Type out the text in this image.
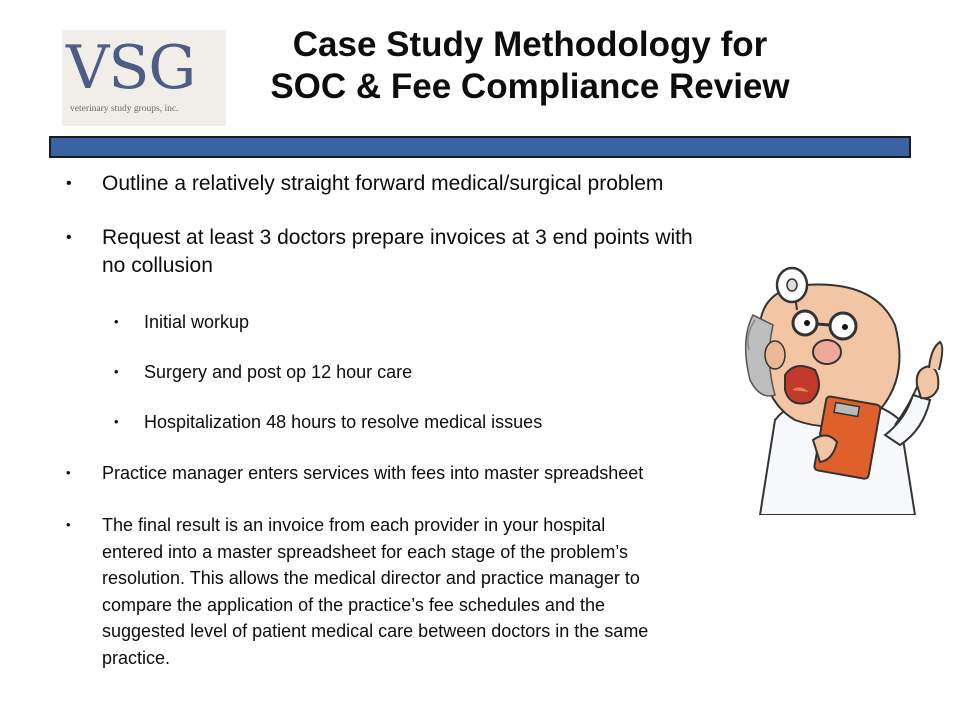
VSG
veterinary study groups, inc.
Case Study Methodology for
SOC & Fee Compliance Review
• Outline a relatively straight forward medical/surgical problem
• Request at least 3 doctors prepare invoices at 3 end points with
no collusion
• Initial workup
• Surgery and post op 12 hour care
• Hospitalization 48 hours to resolve medical issues
• Practice manager enters services with fees into master spreadsheet
• The final result is an invoice from each provider in your hospital
entered into a master spreadsheet for each stage of the problem’s
resolution. This allows the medical director and practice manager to
compare the application of the practice’s fee schedules and the
suggested level of patient medical care between doctors in the same
practice.
